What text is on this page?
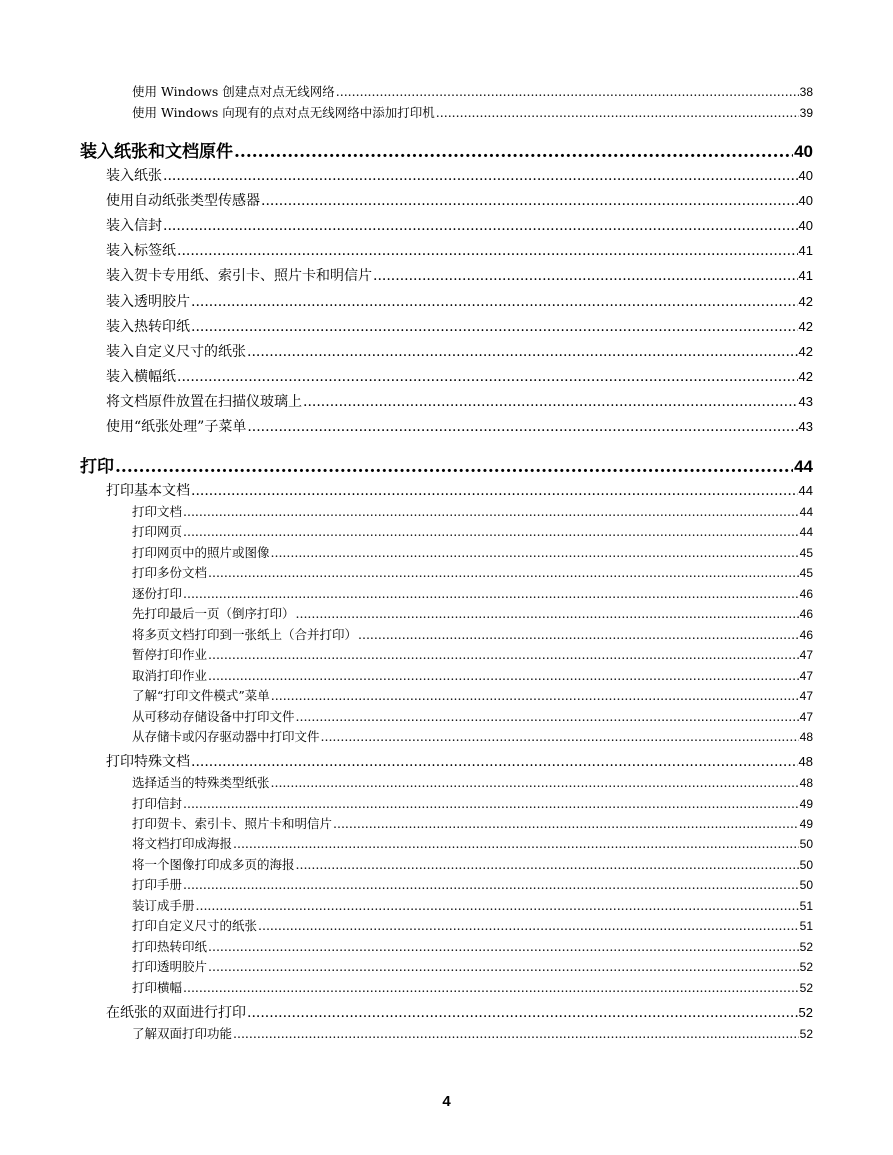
使用 Windows 创建点对点无线网络 .....	38
使用 Windows 向现有的点对点无线网络中添加打印机 .....	39
装入纸张和文档原件 .....	40
装入纸张 .....	40
使用自动纸张类型传感器 .....	40
装入信封 .....	40
装入标签纸 .....	41
装入贺卡专用纸、索引卡、照片卡和明信片 .....	41
装入透明胶片 .....	42
装入热转印纸 .....	42
装入自定义尺寸的纸张 .....	42
装入横幅纸 .....	42
将文档原件放置在扫描仪玻璃上 .....	43
使用“纸张处理”子菜单 .....	43
打印 .....	44
打印基本文档 .....	44
打印文档 .....	44
打印网页 .....	44
打印网页中的照片或图像 .....	45
打印多份文档 .....	45
逐份打印 .....	46
先打印最后一页（倒序打印） .....	46
将多页文档打印到一张纸上（合并打印） .....	46
暂停打印作业 .....	47
取消打印作业 .....	47
了解“打印文件模式”菜单 .....	47
从可移动存储设备中打印文件 .....	47
从存储卡或闪存驱动器中打印文件 .....	48
打印特殊文档 .....	48
选择适当的特殊类型纸张 .....	48
打印信封 .....	49
打印贺卡、索引卡、照片卡和明信片 .....	49
将文档打印成海报 .....	50
将一个图像打印成多页的海报 .....	50
打印手册 .....	50
装订成手册 .....	51
打印自定义尺寸的纸张 .....	51
打印热转印纸 .....	52
打印透明胶片 .....	52
打印横幅 .....	52
在纸张的双面进行打印 .....	52
了解双面打印功能 .....	52
4
